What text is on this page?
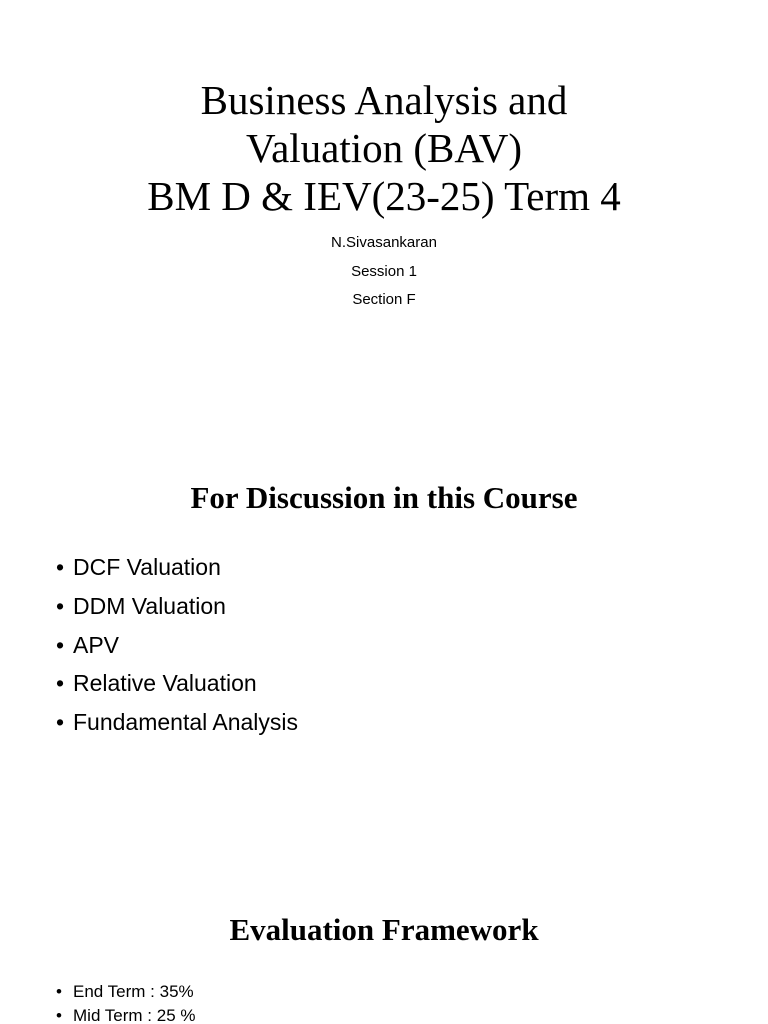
Business Analysis and
Valuation (BAV)
BM D & IEV(23-25) Term 4
N.Sivasankaran
Session 1
Section F
For Discussion in this Course
• DCF Valuation
• DDM Valuation
• APV
• Relative Valuation
• Fundamental Analysis
Evaluation Framework
• End Term : 35%
• Mid Term : 25 %
